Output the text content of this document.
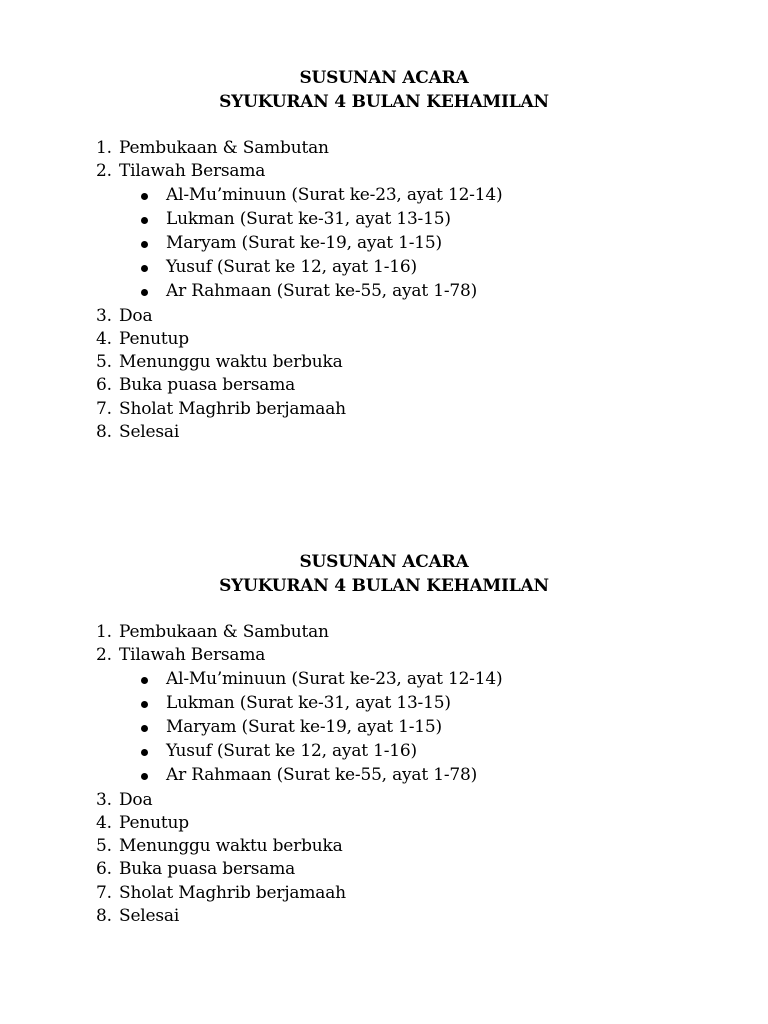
SUSUNAN ACARA
SYUKURAN 4 BULAN KEHAMILAN
1. Pembukaan & Sambutan
2. Tilawah Bersama
Al-Mu’minuun (Surat ke-23, ayat 12-14)
Lukman (Surat ke-31, ayat 13-15)
Maryam (Surat ke-19, ayat 1-15)
Yusuf (Surat ke 12, ayat 1-16)
Ar Rahmaan (Surat ke-55, ayat 1-78)
3. Doa
4. Penutup
5. Menunggu waktu berbuka
6. Buka puasa bersama
7. Sholat Maghrib berjamaah
8. Selesai
SUSUNAN ACARA
SYUKURAN 4 BULAN KEHAMILAN
1. Pembukaan & Sambutan
2. Tilawah Bersama
Al-Mu’minuun (Surat ke-23, ayat 12-14)
Lukman (Surat ke-31, ayat 13-15)
Maryam (Surat ke-19, ayat 1-15)
Yusuf (Surat ke 12, ayat 1-16)
Ar Rahmaan (Surat ke-55, ayat 1-78)
3. Doa
4. Penutup
5. Menunggu waktu berbuka
6. Buka puasa bersama
7. Sholat Maghrib berjamaah
8. Selesai
